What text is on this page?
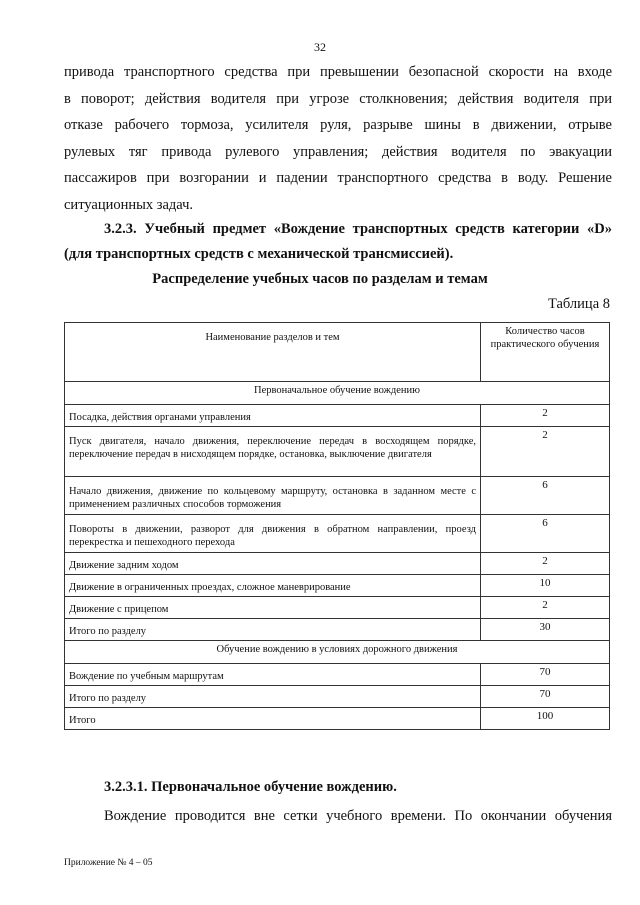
32
привода транспортного средства при превышении безопасной скорости на входе
в поворот; действия водителя при угрозе столкновения; действия водителя при
отказе рабочего тормоза, усилителя руля, разрыве шины в движении, отрыве
рулевых тяг привода рулевого управления; действия водителя по эвакуации
пассажиров при возгорании и падении транспортного средства в воду. Решение
ситуационных задач.
3.2.3. Учебный предмет «Вождение транспортных средств категории «D»
(для транспортных средств с механической трансмиссией).
Распределение учебных часов по разделам и темам
Таблица 8
Наименование разделов и тем	Количество часов практического обучения
Первоначальное обучение вождению	
Посадка, действия органами управления	2
Пуск двигателя, начало движения, переключение передач в восходящем порядке, переключение передач в нисходящем порядке, остановка, выключение двигателя	2
Начало движения, движение по кольцевому маршруту, остановка в заданном месте с применением различных способов торможения	6
Повороты в движении, разворот для движения в обратном направлении, проезд перекрестка и пешеходного перехода	6
Движение задним ходом	2
Движение в ограниченных проездах, сложное маневрирование	10
Движение с прицепом	2
Итого по разделу	30
Обучение вождению в условиях дорожного движения	
Вождение по учебным маршрутам	70
Итого по разделу	70
Итого	100
3.2.3.1. Первоначальное обучение вождению.
Вождение проводится вне сетки учебного времени. По окончании обучения
Приложение № 4 – 05
